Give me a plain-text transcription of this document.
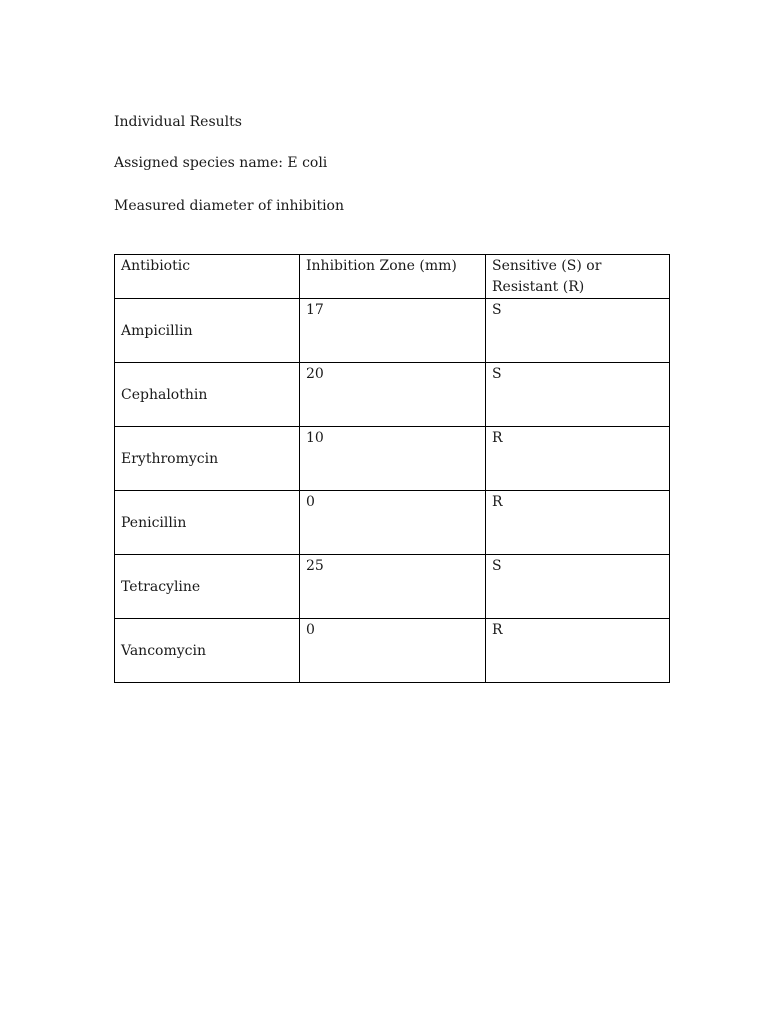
Individual Results

Assigned species name: E coli

Measured diameter of inhibition

Antibiotic	Inhibition Zone (mm)	Sensitive (S) or Resistant (R)
Ampicillin	17	S
Cephalothin	20	S
Erythromycin	10	R
Penicillin	0	R
Tetracyline	25	S
Vancomycin	0	R
